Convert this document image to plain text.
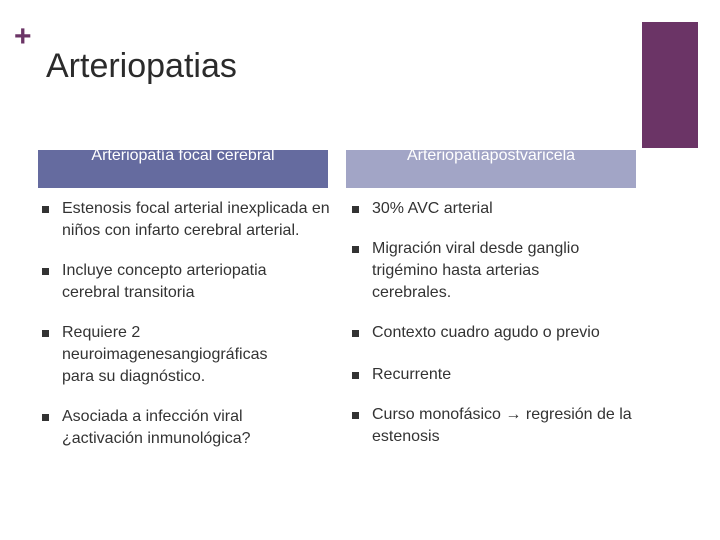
+
Arteriopatias
Arteriopatía focal cerebral	Arteriopatíapostvaricela
Estenosis focal arterial inexplicada en niños con infarto cerebral arterial.
Incluye concepto arteriopatia cerebral transitoria
Requiere 2 neuroimagenesangiográficas para su diagnóstico.
Asociada a infección viral ¿activación inmunológica?
30% AVC arterial
Migración viral desde ganglio trigémino hasta arterias cerebrales.
Contexto cuadro agudo o previo
Recurrente
Curso monofásico → regresión de la estenosis
